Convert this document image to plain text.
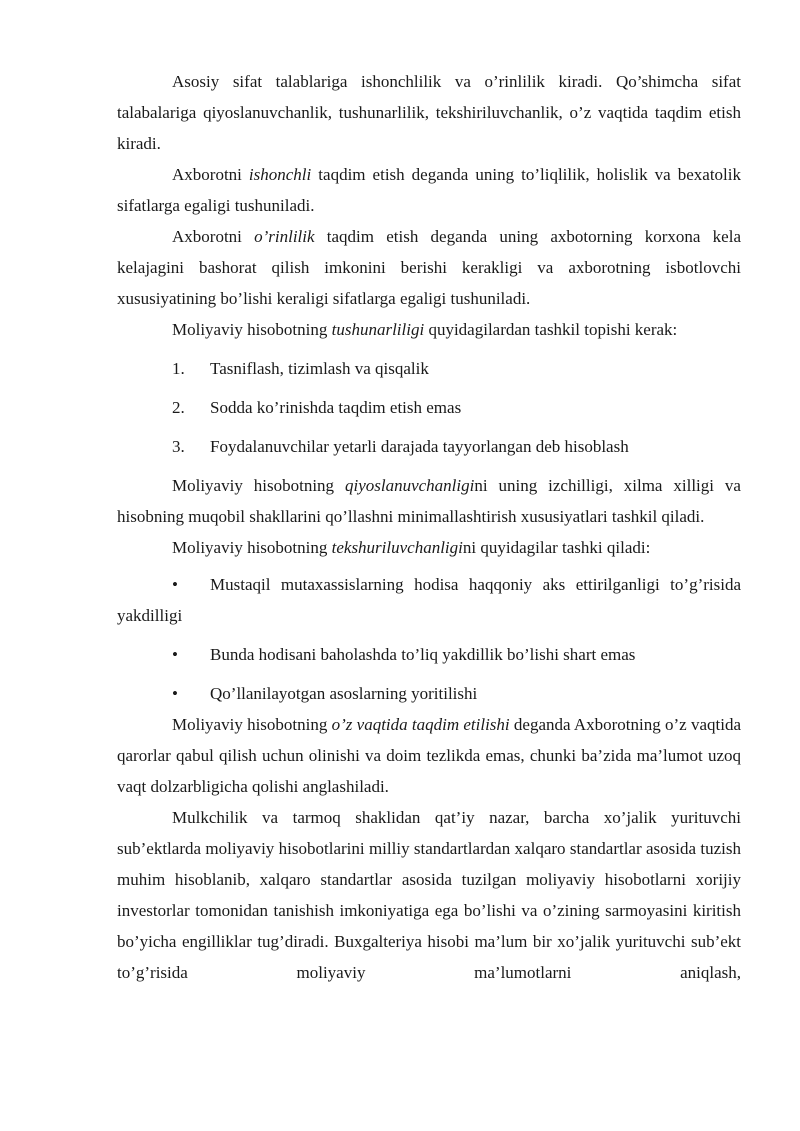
Asosiy sifat talablariga ishonchlilik va o’rinlilik kiradi. Qo’shimcha sifat talabalariga qiyoslanuvchanlik, tushunarlilik, tekshiriluvchanlik, o’z vaqtida taqdim etish kiradi.

Axborotni ishonchli taqdim etish deganda uning to’liqlilik, holislik va bexatolik sifatlarga egaligi tushuniladi.

Axborotni o’rinlilik taqdim etish deganda uning axbotorning korxona kela kelajagini bashorat qilish imkonini berishi kerakligi va axborotning isbotlovchi xususiyatining bo’lishi keraligi sifatlarga egaligi tushuniladi.

Moliyaviy hisobotning tushunarliligi quyidagilardan tashkil topishi kerak:

1.	Tasniflash, tizimlash va qisqalik
2.	Sodda ko’rinishda taqdim etish emas
3.	Foydalanuvchilar yetarli darajada tayyorlangan deb hisoblash

Moliyaviy hisobotning qiyoslanuvchanligini uning izchilligi, xilma xilligi va hisobning muqobil shakllarini qo’llashni minimallashtirish xususiyatlari tashkil qiladi.

Moliyaviy hisobotning tekshuriluvchanligini quyidagilar tashki qiladi:

• Mustaqil mutaxassislarning hodisa haqqoniy aks ettirilganligi to’g’risida yakdilligi

•	Bunda hodisani baholashda to’liq yakdillik bo’lishi shart emas
•	Qo’llanilayotgan asoslarning yoritilishi

Moliyaviy hisobotning o’z vaqtida taqdim etilishi deganda Axborotning o’z vaqtida qarorlar qabul qilish uchun olinishi va doim tezlikda emas, chunki ba’zida ma’lumot uzoq vaqt dolzarbligicha qolishi anglashiladi.

Mulkchilik va tarmoq shaklidan qat’iy nazar, barcha xo’jalik yurituvchi sub’ektlarda moliyaviy hisobotlarini milliy standartlardan xalqaro standartlar asosida tuzish muhim hisoblanib, xalqaro standartlar asosida tuzilgan moliyaviy hisobotlarni xorijiy investorlar tomonidan tanishish imkoniyatiga ega bo’lishi va o’zining sarmoyasini kiritish bo’yicha engilliklar tug’diradi. Buxgalteriya hisobi ma’lum bir xo’jalik yurituvchi sub’ekt to’g’risida moliyaviy ma’lumotlarni aniqlash,
